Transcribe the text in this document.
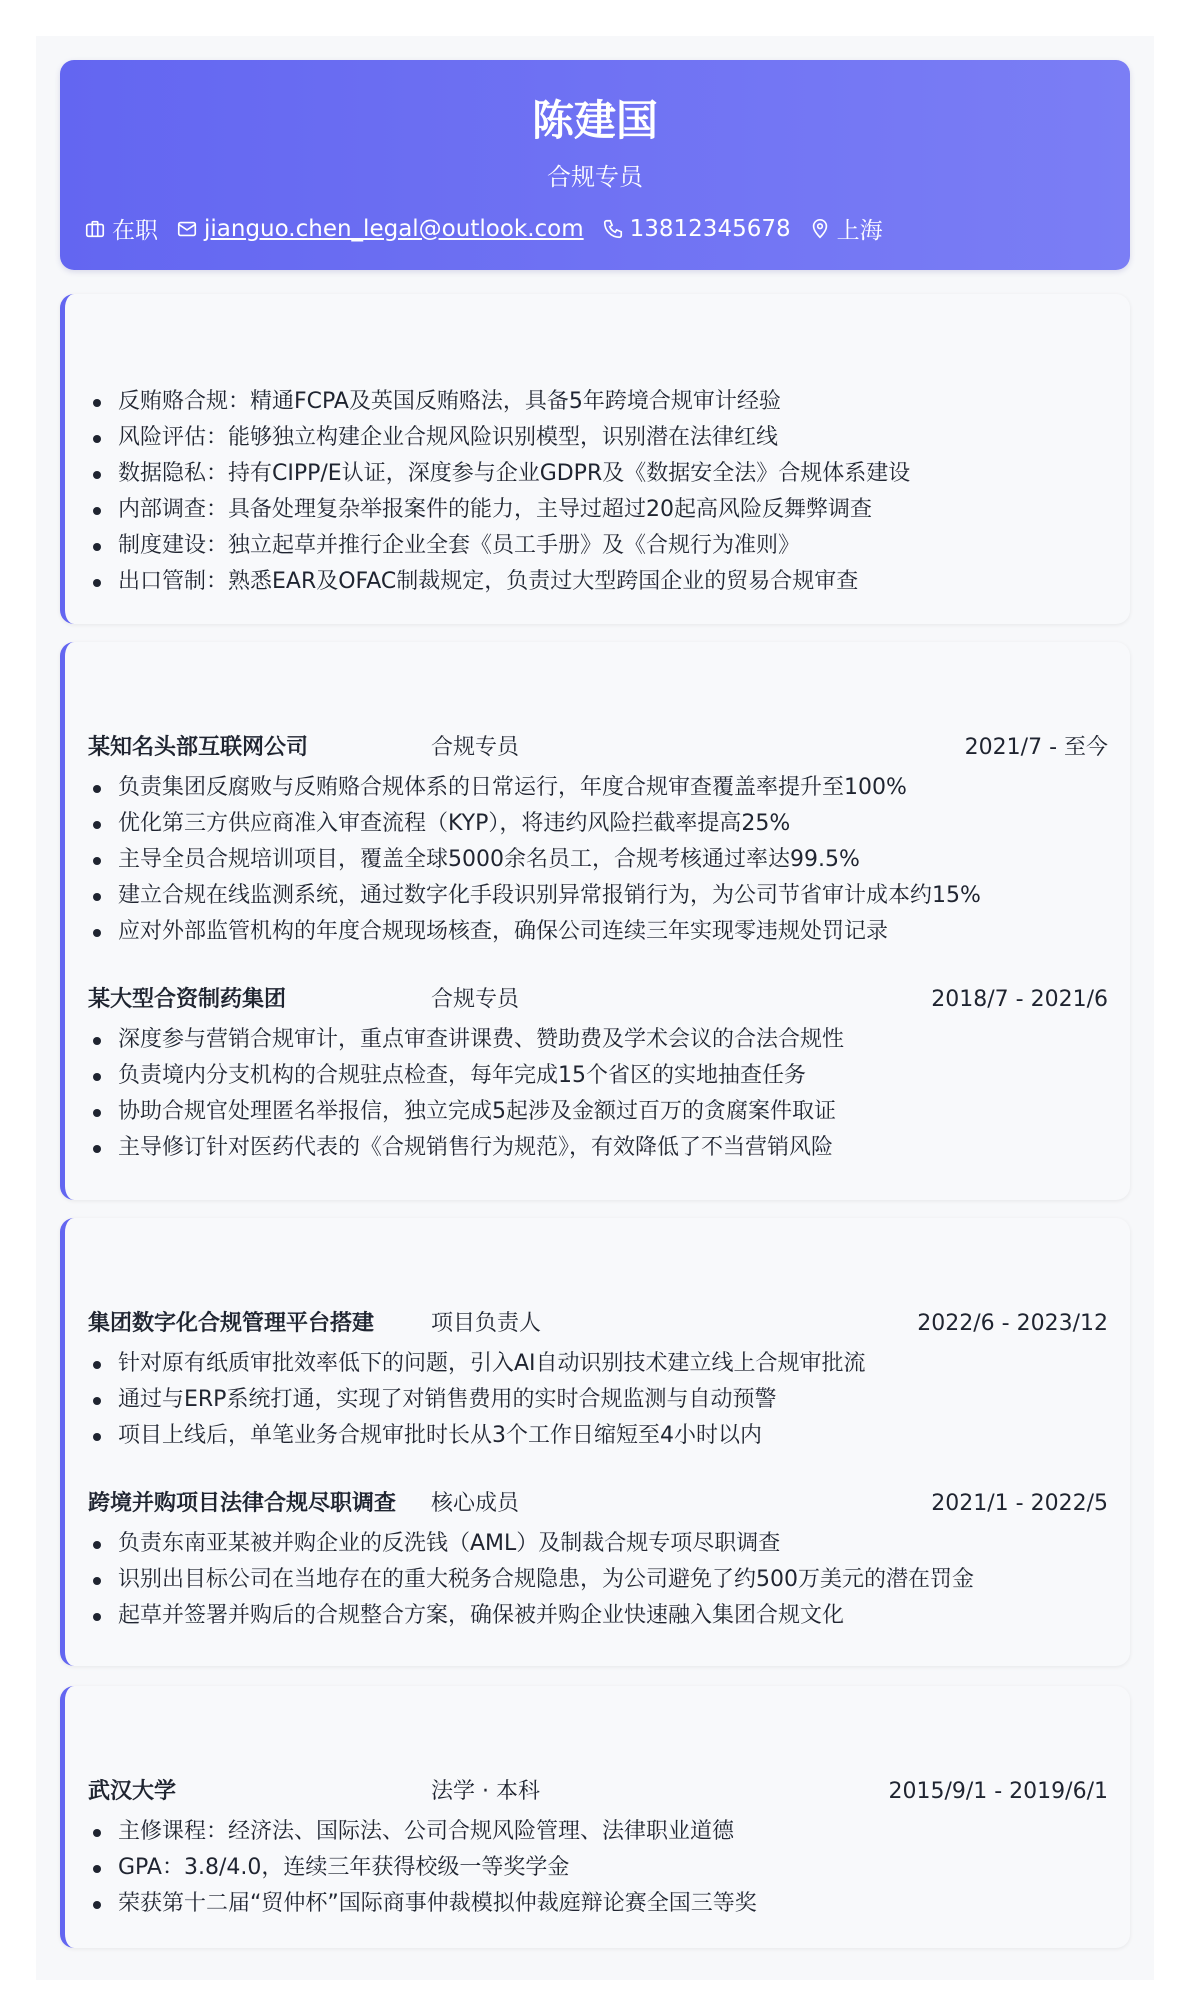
陈建国
合规专员
在职 jianguo.chen_legal@outlook.com 13812345678 上海
反贿赂合规：精通FCPA及英国反贿赂法，具备5年跨境合规审计经验
风险评估：能够独立构建企业合规风险识别模型，识别潜在法律红线
数据隐私：持有CIPP/E认证，深度参与企业GDPR及《数据安全法》合规体系建设
内部调查：具备处理复杂举报案件的能力，主导过超过20起高风险反舞弊调查
制度建设：独立起草并推行企业全套《员工手册》及《合规行为准则》
出口管制：熟悉EAR及OFAC制裁规定，负责过大型跨国企业的贸易合规审查
某知名头部互联网公司	合规专员	2021/7 - 至今
负责集团反腐败与反贿赂合规体系的日常运行，年度合规审查覆盖率提升至100%
优化第三方供应商准入审查流程（KYP），将违约风险拦截率提高25%
主导全员合规培训项目，覆盖全球5000余名员工，合规考核通过率达99.5%
建立合规在线监测系统，通过数字化手段识别异常报销行为，为公司节省审计成本约15%
应对外部监管机构的年度合规现场核查，确保公司连续三年实现零违规处罚记录
某大型合资制药集团	合规专员	2018/7 - 2021/6
深度参与营销合规审计，重点审查讲课费、赞助费及学术会议的合法合规性
负责境内分支机构的合规驻点检查，每年完成15个省区的实地抽查任务
协助合规官处理匿名举报信，独立完成5起涉及金额过百万的贪腐案件取证
主导修订针对医药代表的《合规销售行为规范》，有效降低了不当营销风险
集团数字化合规管理平台搭建	项目负责人	2022/6 - 2023/12
针对原有纸质审批效率低下的问题，引入AI自动识别技术建立线上合规审批流
通过与ERP系统打通，实现了对销售费用的实时合规监测与自动预警
项目上线后，单笔业务合规审批时长从3个工作日缩短至4小时以内
跨境并购项目法律合规尽职调查 核心成员	2021/1 - 2022/5
负责东南亚某被并购企业的反洗钱（AML）及制裁合规专项尽职调查
识别出目标公司在当地存在的重大税务合规隐患，为公司避免了约500万美元的潜在罚金
起草并签署并购后的合规整合方案，确保被并购企业快速融入集团合规文化
武汉大学	法学 · 本科	2015/9/1 - 2019/6/1
主修课程：经济法、国际法、公司合规风险管理、法律职业道德
GPA：3.8/4.0，连续三年获得校级一等奖学金
荣获第十二届“贸仲杯”国际商事仲裁模拟仲裁庭辩论赛全国三等奖
